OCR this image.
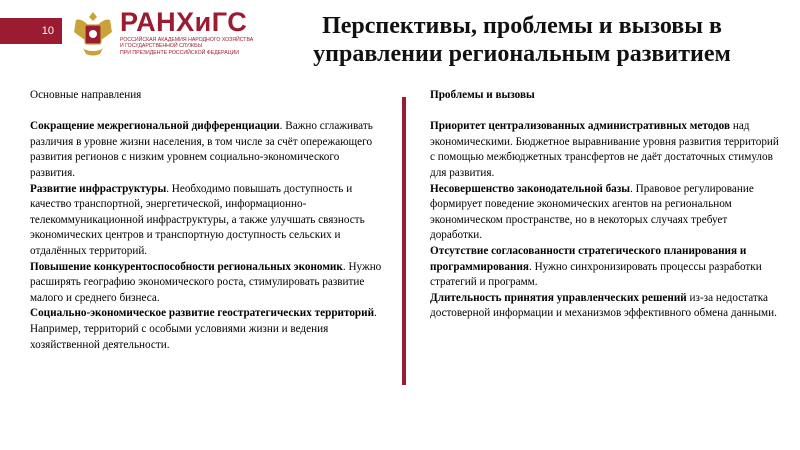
10 РАНХиГС
РОССИЙСКАЯ АКАДЕМИЯ НАРОДНОГО ХОЗЯЙСТВА
И ГОСУДАРСТВЕННОЙ СЛУЖБЫ
ПРИ ПРЕЗИДЕНТЕ РОССИЙСКОЙ ФЕДЕРАЦИИ
Перспективы, проблемы и вызовы в
управлении региональным развитием

Основные направления

Сокращение межрегиональной дифференциации. Важно сглаживать различия в уровне жизни населения, в том числе за счёт опережающего развития регионов с низким уровнем социально-экономического развития.

Развитие инфраструктуры. Необходимо повышать доступность и качество транспортной, энергетической, информационно-телекоммуникационной инфраструктуры, а также улучшать связность экономических центров и транспортную доступность сельских и отдалённых территорий.

Повышение конкурентоспособности региональных экономик. Нужно расширять географию экономического роста, стимулировать развитие малого и среднего бизнеса.

Социально-экономическое развитие геостратегических территорий. Например, территорий с особыми условиями жизни и ведения хозяйственной деятельности.

Проблемы и вызовы

Приоритет централизованных административных методов над экономическими. Бюджетное выравнивание уровня развития территорий с помощью межбюджетных трансфертов не даёт достаточных стимулов для развития.

Несовершенство законодательной базы. Правовое регулирование формирует поведение экономических агентов на региональном экономическом пространстве, но в некоторых случаях требует доработки.

Отсутствие согласованности стратегического планирования и программирования. Нужно синхронизировать процессы разработки стратегий и программ.

Длительность принятия управленческих решений из-за недостатка достоверной информации и механизмов эффективного обмена данными.
